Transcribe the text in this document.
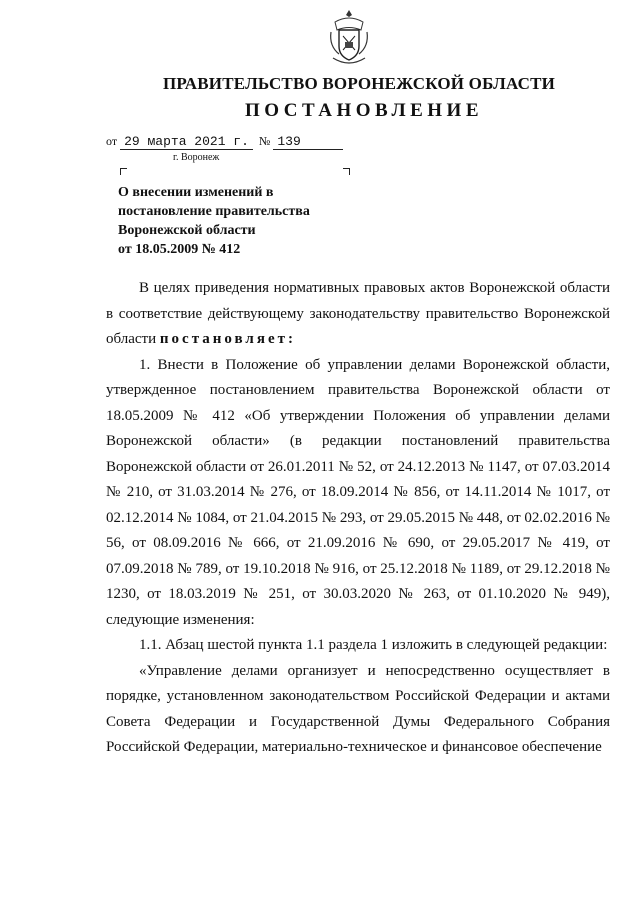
ПРАВИТЕЛЬСТВО ВОРОНЕЖСКОЙ ОБЛАСТИ
ПОСТАНОВЛЕНИЕ
от 29 марта 2021 г. № 139
г. Воронеж
О внесении изменений в
постановление правительства
Воронежской области
от 18.05.2009 № 412

В целях приведения нормативных правовых актов Воронежской области в соответствие действующему законодательству правительство Воронежской области постановляет:

1. Внести в Положение об управлении делами Воронежской области, утвержденное постановлением правительства Воронежской области от 18.05.2009 № 412 «Об утверждении Положения об управлении делами Воронежской области» (в редакции постановлений правительства Воронежской области от 26.01.2011 № 52, от 24.12.2013 № 1147, от 07.03.2014 № 210, от 31.03.2014 № 276, от 18.09.2014 № 856, от 14.11.2014 № 1017, от 02.12.2014 № 1084, от 21.04.2015 № 293, от 29.05.2015 № 448, от 02.02.2016 № 56, от 08.09.2016 № 666, от 21.09.2016 № 690, от 29.05.2017 № 419, от 07.09.2018 № 789, от 19.10.2018 № 916, от 25.12.2018 № 1189, от 29.12.2018 № 1230, от 18.03.2019 № 251, от 30.03.2020 № 263, от 01.10.2020 № 949), следующие изменения:

1.1. Абзац шестой пункта 1.1 раздела 1 изложить в следующей редакции:

«Управление делами организует и непосредственно осуществляет в порядке, установленном законодательством Российской Федерации и актами Совета Федерации и Государственной Думы Федерального Собрания Российской Федерации, материально-техническое и финансовое обеспечение
